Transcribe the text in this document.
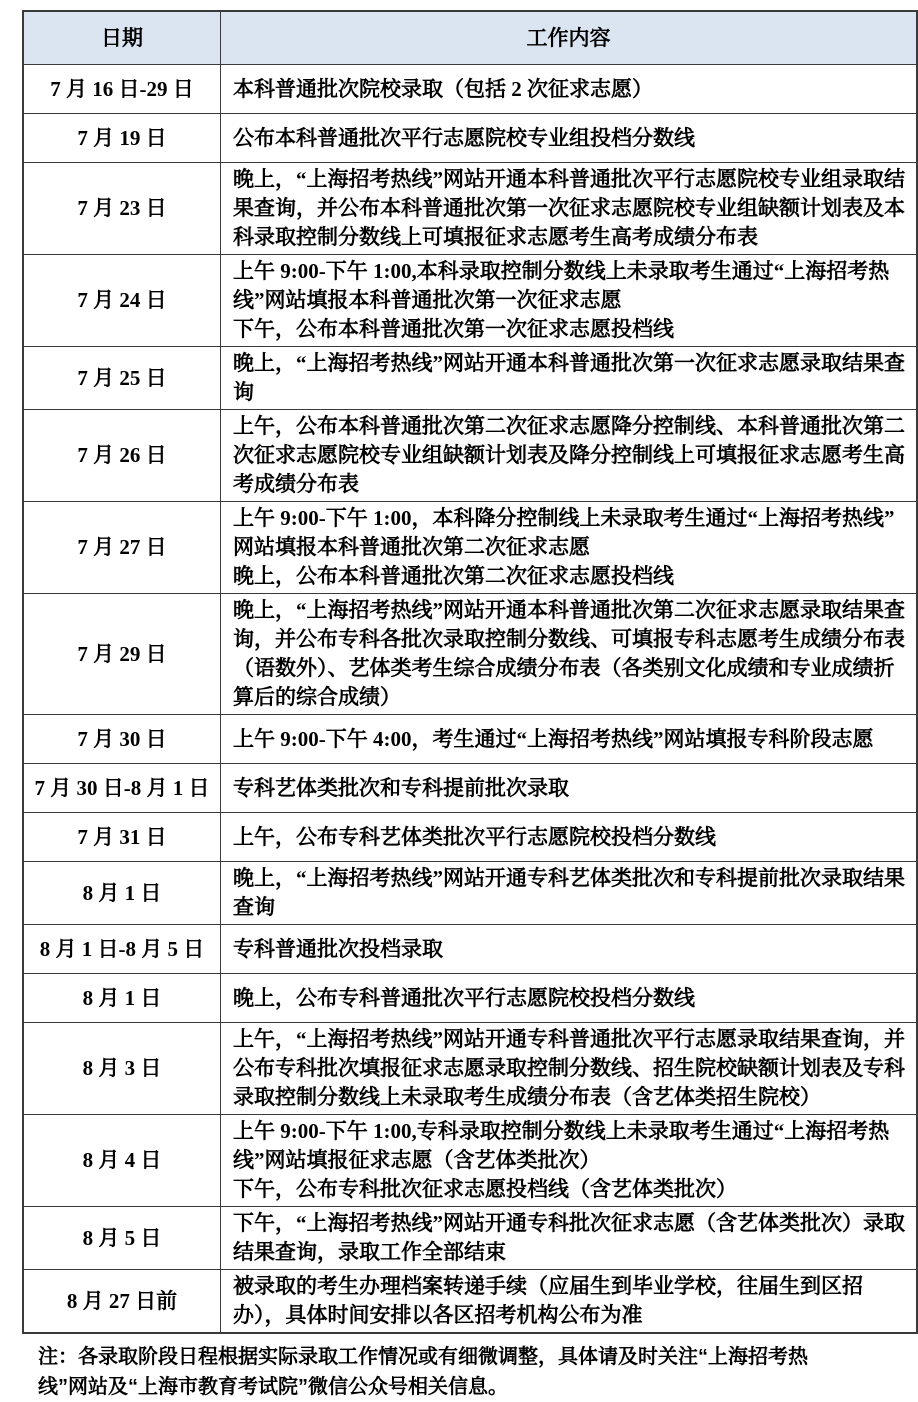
日期	工作内容
7 月 16 日-29 日	本科普通批次院校录取（包括 2 次征求志愿）

7 月 19 日	公布本科普通批次平行志愿院校专业组投档分数线

7 月 23 日	晚上，“上海招考热线”网站开通本科普通批次平行志愿院校专业组录取结果查询，并公布本科普通批次第一次征求志愿院校专业组缺额计划表及本科录取控制分数线上可填报征求志愿考生高考成绩分布表

7 月 24 日	上午 9:00-下午 1:00,本科录取控制分数线上未录取考生通过“上海招考热线”网站填报本科普通批次第一次征求志愿
下午，公布本科普通批次第一次征求志愿投档线

7 月 25 日	晚上，“上海招考热线”网站开通本科普通批次第一次征求志愿录取结果查询

7 月 26 日	上午，公布本科普通批次第二次征求志愿降分控制线、本科普通批次第二次征求志愿院校专业组缺额计划表及降分控制线上可填报征求志愿考生高考成绩分布表

7 月 27 日	上午 9:00-下午 1:00，本科降分控制线上未录取考生通过“上海招考热线”网站填报本科普通批次第二次征求志愿
晚上，公布本科普通批次第二次征求志愿投档线

7 月 29 日	晚上，“上海招考热线”网站开通本科普通批次第二次征求志愿录取结果查询，并公布专科各批次录取控制分数线、可填报专科志愿考生成绩分布表（语数外）、艺体类考生综合成绩分布表（各类别文化成绩和专业成绩折算后的综合成绩）

7 月 30 日	上午 9:00-下午 4:00，考生通过“上海招考热线”网站填报专科阶段志愿

7 月 30 日-8 月 1 日	专科艺体类批次和专科提前批次录取

7 月 31 日	上午，公布专科艺体类批次平行志愿院校投档分数线

8 月 1 日	晚上，“上海招考热线”网站开通专科艺体类批次和专科提前批次录取结果查询

8 月 1 日-8 月 5 日	专科普通批次投档录取

8 月 1 日	晚上，公布专科普通批次平行志愿院校投档分数线

8 月 3 日	上午，“上海招考热线”网站开通专科普通批次平行志愿录取结果查询，并公布专科批次填报征求志愿录取控制分数线、招生院校缺额计划表及专科录取控制分数线上未录取考生成绩分布表（含艺体类招生院校）

8 月 4 日	上午 9:00-下午 1:00,专科录取控制分数线上未录取考生通过“上海招考热线”网站填报征求志愿（含艺体类批次）
下午，公布专科批次征求志愿投档线（含艺体类批次）

8 月 5 日	下午，“上海招考热线”网站开通专科批次征求志愿（含艺体类批次）录取结果查询，录取工作全部结束

8 月 27 日前	被录取的考生办理档案转递手续（应届生到毕业学校，往届生到区招办），具体时间安排以各区招考机构公布为准

注：各录取阶段日程根据实际录取工作情况或有细微调整，具体请及时关注“上海招考热线”网站及“上海市教育考试院”微信公众号相关信息。
